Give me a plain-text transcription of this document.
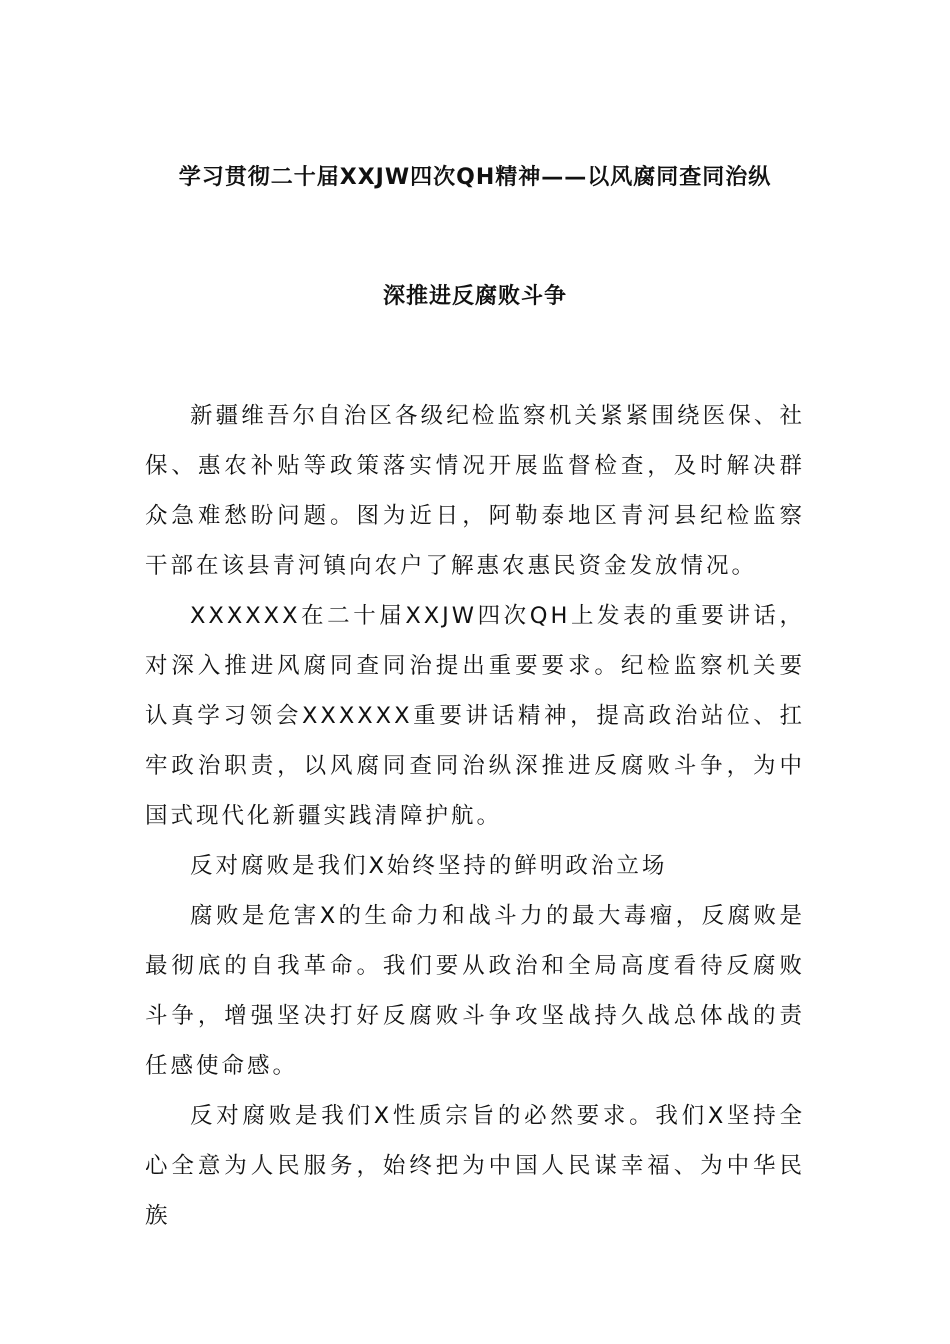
学习贯彻二十届XXJW四次QH精神——以风腐同查同治纵
深推进反腐败斗争

新疆维吾尔自治区各级纪检监察机关紧紧围绕医保、社保、惠农补贴等政策落实情况开展监督检查，及时解决群众急难愁盼问题。图为近日，阿勒泰地区青河县纪检监察干部在该县青河镇向农户了解惠农惠民资金发放情况。

XXXXXX在二十届XXJW四次QH上发表的重要讲话，对深入推进风腐同查同治提出重要要求。纪检监察机关要认真学习领会XXXXXX重要讲话精神，提高政治站位、扛牢政治职责，以风腐同查同治纵深推进反腐败斗争，为中国式现代化新疆实践清障护航。

反对腐败是我们X始终坚持的鲜明政治立场

腐败是危害X的生命力和战斗力的最大毒瘤，反腐败是最彻底的自我革命。我们要从政治和全局高度看待反腐败斗争，增强坚决打好反腐败斗争攻坚战持久战总体战的责任感使命感。

反对腐败是我们X性质宗旨的必然要求。我们X坚持全心全意为人民服务，始终把为中国人民谋幸福、为中华民族
